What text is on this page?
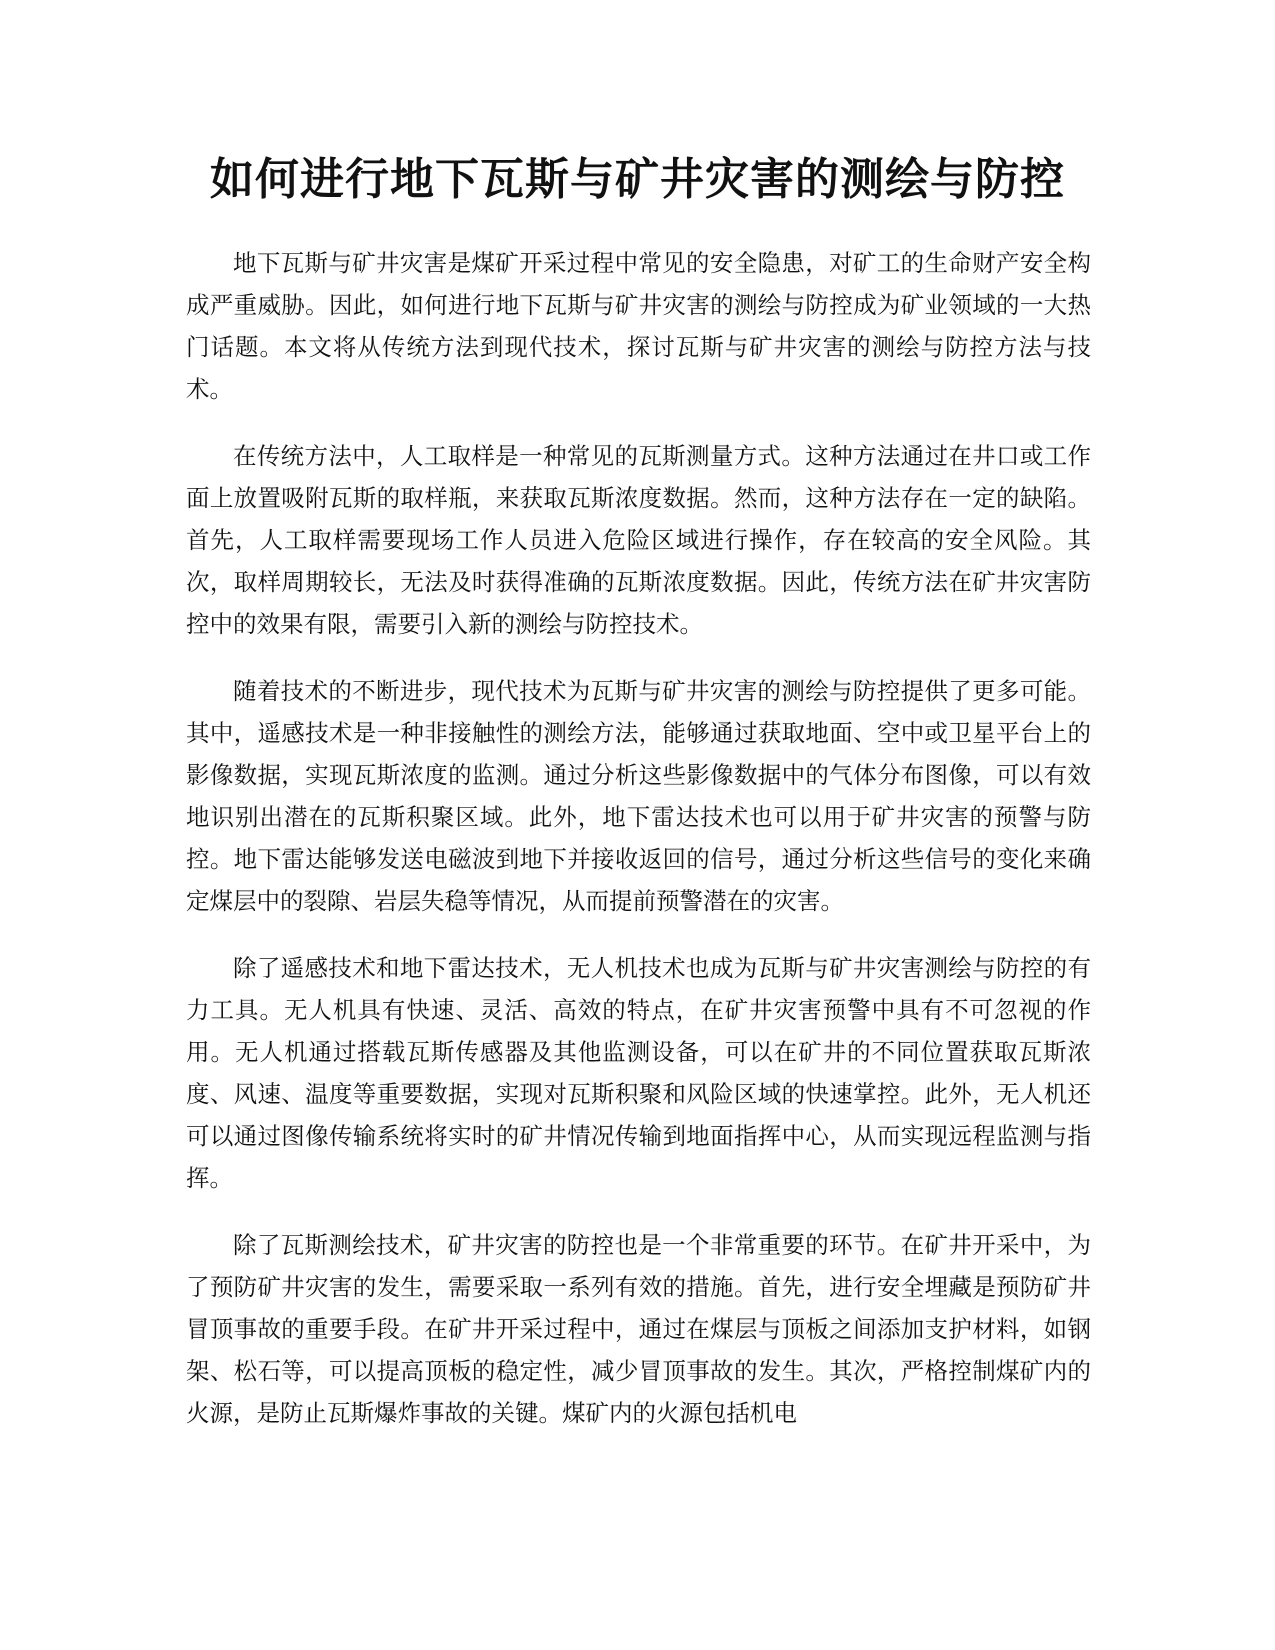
如何进行地下瓦斯与矿井灾害的测绘与防控

地下瓦斯与矿井灾害是煤矿开采过程中常见的安全隐患，对矿工的生命财产安全构成严重威胁。因此，如何进行地下瓦斯与矿井灾害的测绘与防控成为矿业领域的一大热门话题。本文将从传统方法到现代技术，探讨瓦斯与矿井灾害的测绘与防控方法与技术。

在传统方法中，人工取样是一种常见的瓦斯测量方式。这种方法通过在井口或工作面上放置吸附瓦斯的取样瓶，来获取瓦斯浓度数据。然而，这种方法存在一定的缺陷。首先，人工取样需要现场工作人员进入危险区域进行操作，存在较高的安全风险。其次，取样周期较长，无法及时获得准确的瓦斯浓度数据。因此，传统方法在矿井灾害防控中的效果有限，需要引入新的测绘与防控技术。

随着技术的不断进步，现代技术为瓦斯与矿井灾害的测绘与防控提供了更多可能。其中，遥感技术是一种非接触性的测绘方法，能够通过获取地面、空中或卫星平台上的影像数据，实现瓦斯浓度的监测。通过分析这些影像数据中的气体分布图像，可以有效地识别出潜在的瓦斯积聚区域。此外，地下雷达技术也可以用于矿井灾害的预警与防控。地下雷达能够发送电磁波到地下并接收返回的信号，通过分析这些信号的变化来确定煤层中的裂隙、岩层失稳等情况，从而提前预警潜在的灾害。

除了遥感技术和地下雷达技术，无人机技术也成为瓦斯与矿井灾害测绘与防控的有力工具。无人机具有快速、灵活、高效的特点，在矿井灾害预警中具有不可忽视的作用。无人机通过搭载瓦斯传感器及其他监测设备，可以在矿井的不同位置获取瓦斯浓度、风速、温度等重要数据，实现对瓦斯积聚和风险区域的快速掌控。此外，无人机还可以通过图像传输系统将实时的矿井情况传输到地面指挥中心，从而实现远程监测与指挥。

除了瓦斯测绘技术，矿井灾害的防控也是一个非常重要的环节。在矿井开采中，为了预防矿井灾害的发生，需要采取一系列有效的措施。首先，进行安全埋藏是预防矿井冒顶事故的重要手段。在矿井开采过程中，通过在煤层与顶板之间添加支护材料，如钢架、松石等，可以提高顶板的稳定性，减少冒顶事故的发生。其次，严格控制煤矿内的火源，是防止瓦斯爆炸事故的关键。煤矿内的火源包括机电
